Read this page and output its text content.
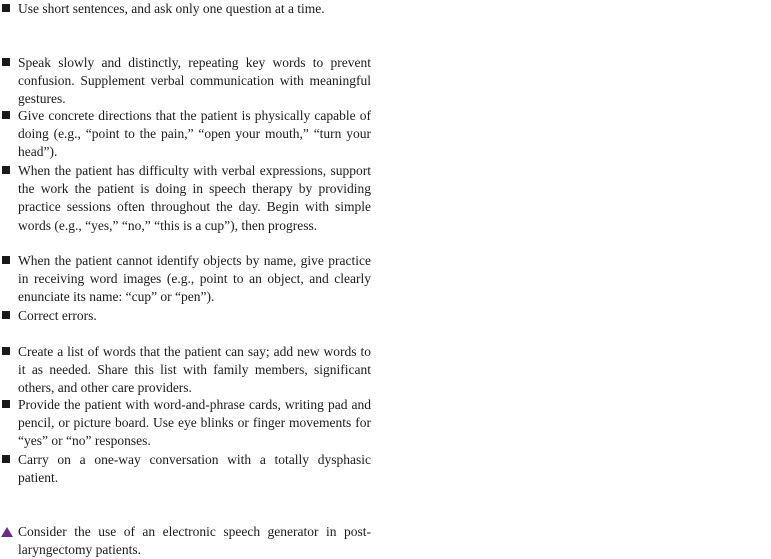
Use short sentences, and ask only one question at a time.

Speak slowly and distinctly, repeating key words to prevent confusion. Supplement verbal communication with meaningful gestures.

Give concrete directions that the patient is physically capable of doing (e.g., “point to the pain,” “open your mouth,” “turn your head”).

When the patient has difficulty with verbal expressions, support the work the patient is doing in speech therapy by providing practice sessions often throughout the day. Begin with simple words (e.g., “yes,” “no,” “this is a cup”), then progress.

When the patient cannot identify objects by name, give practice in receiving word images (e.g., point to an object, and clearly enunciate its name: “cup” or “pen”).

Correct errors.

Create a list of words that the patient can say; add new words to it as needed. Share this list with family members, significant others, and other care providers.

Provide the patient with word-and-phrase cards, writing pad and pencil, or picture board. Use eye blinks or finger movements for “yes” or “no” responses.

Carry on a one-way conversation with a totally dysphasic patient.

Consider the use of an electronic speech generator in post-laryngectomy patients.
